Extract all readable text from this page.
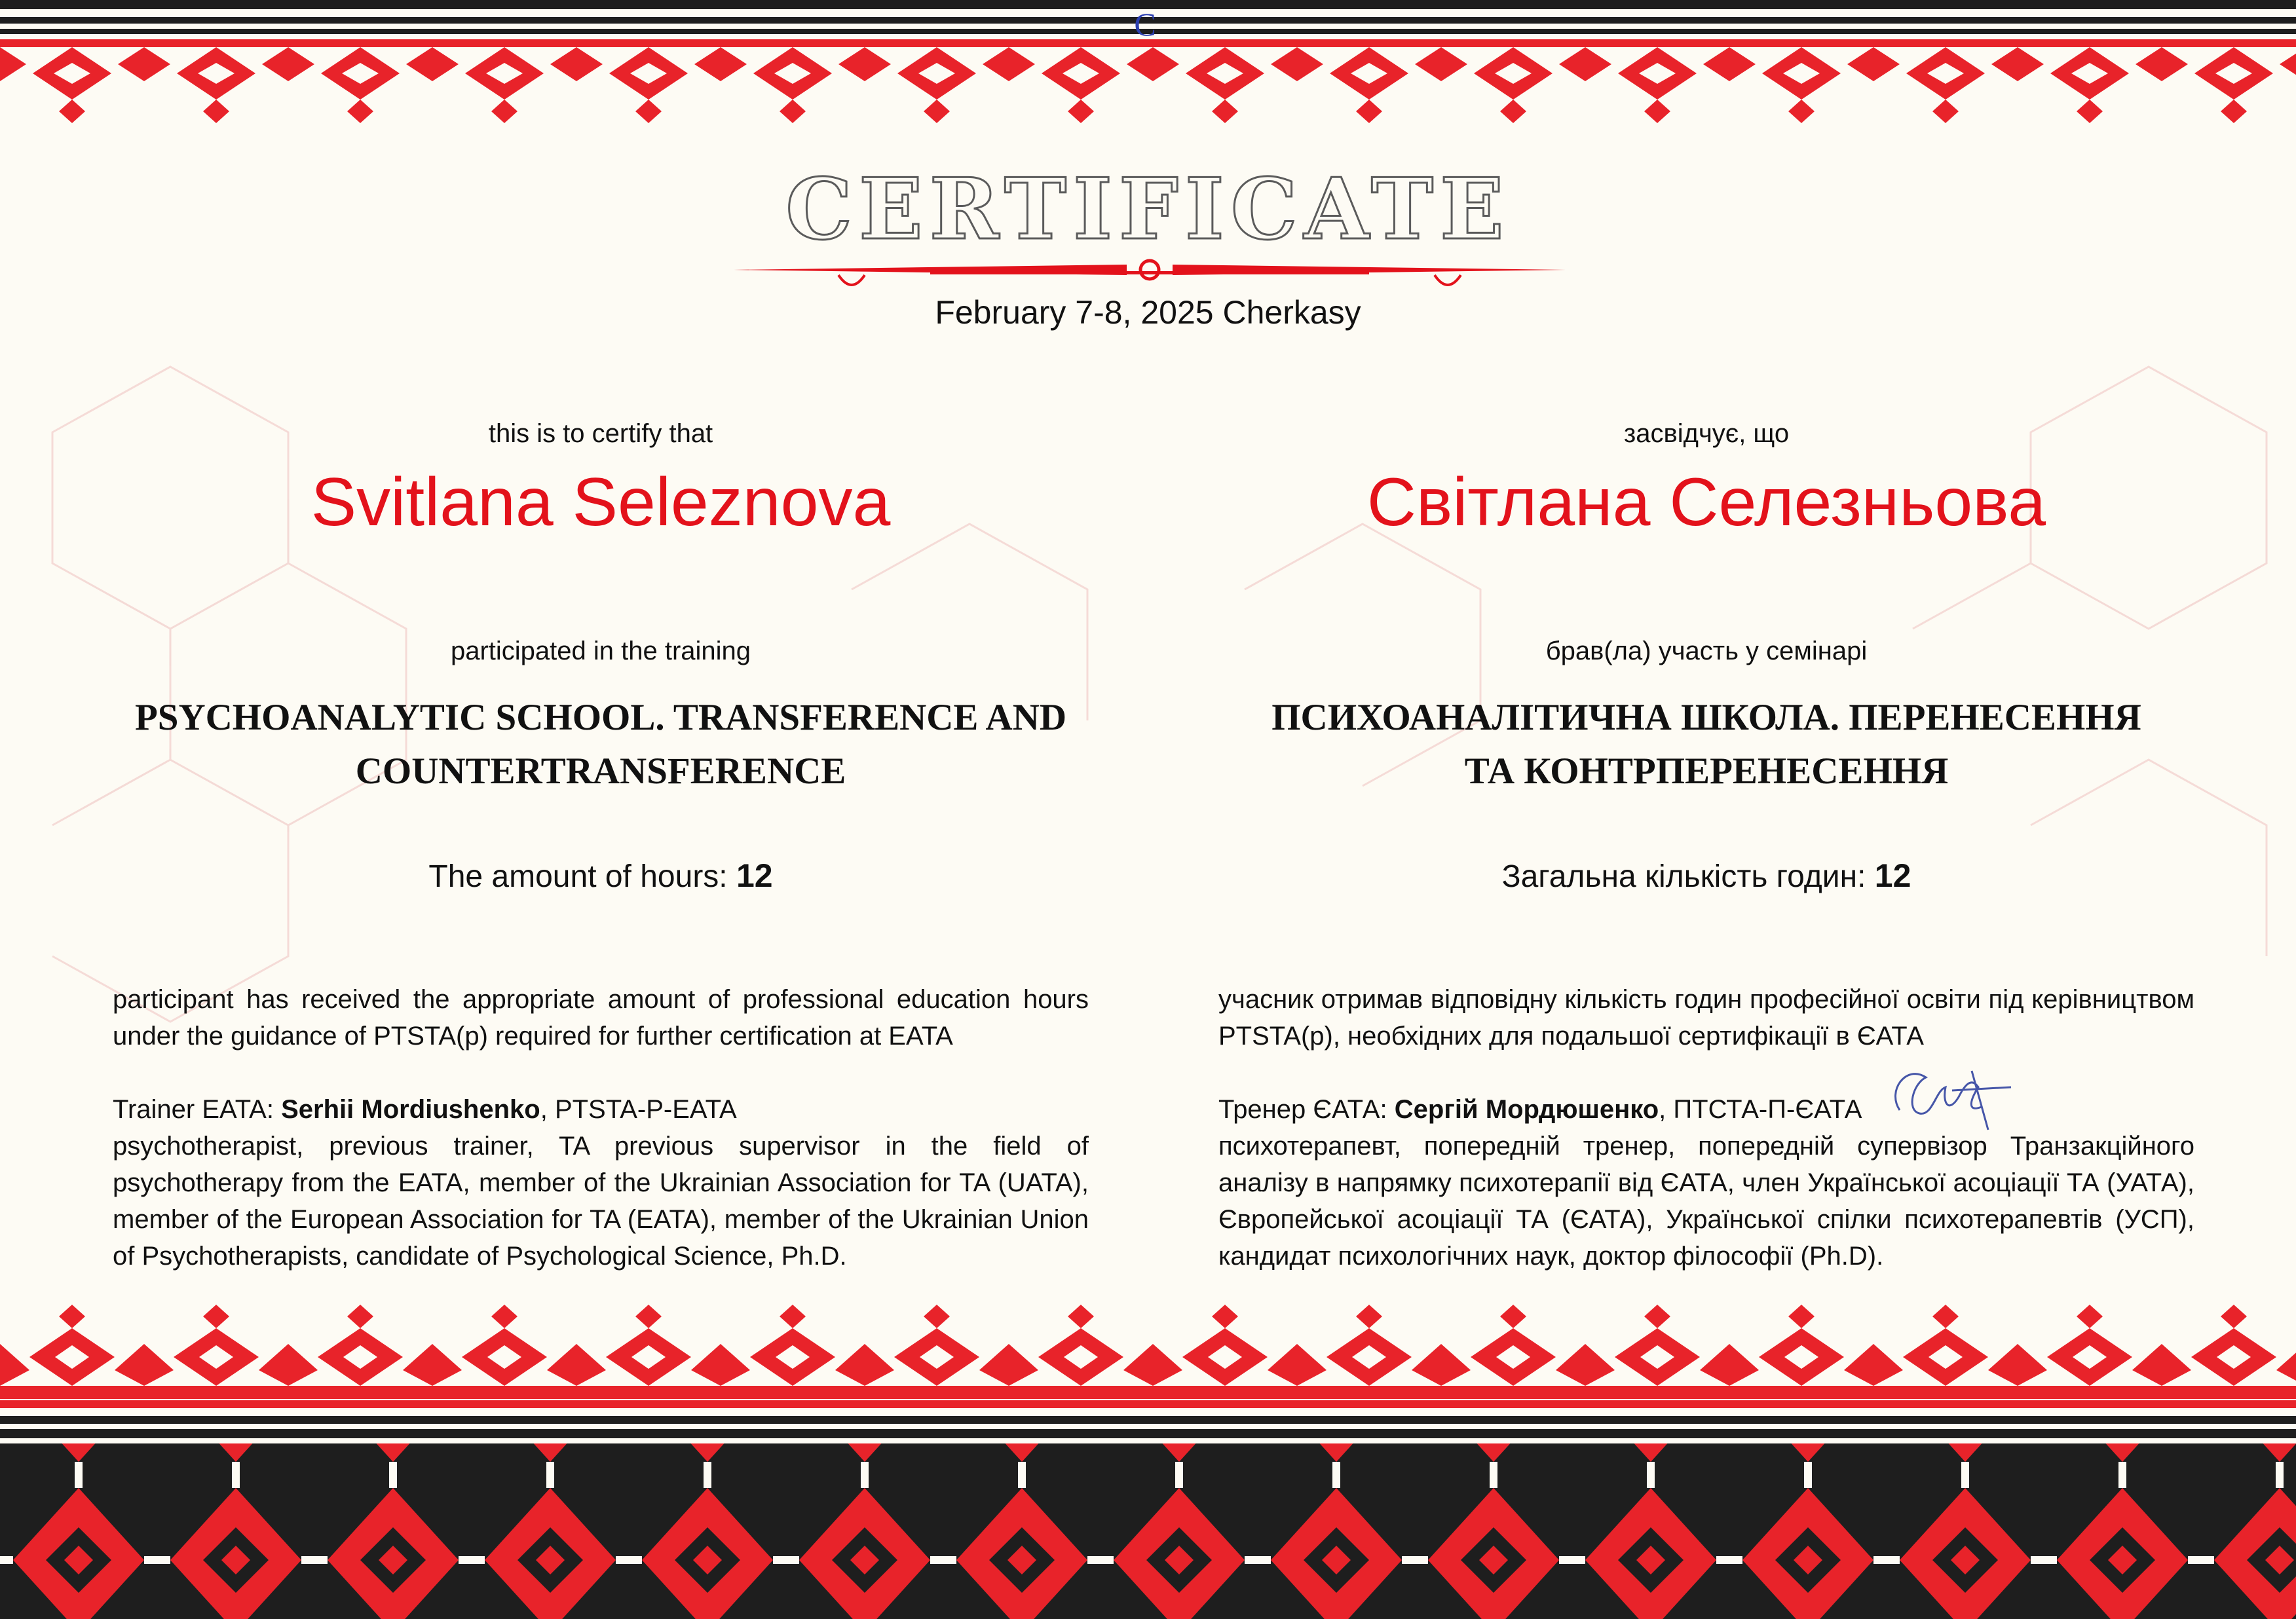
C
CERTIFICATE
February 7-8, 2025 Cherkasy
this is to certify that
Svitlana Seleznova
participated in the training
PSYCHOANALYTIC SCHOOL. TRANSFERENCE AND
COUNTERTRANSFERENCE
The amount of hours: 12
participant has received the appropriate amount of professional education hours under the guidance of PTSTA(p) required for further certification at EATA
Trainer EATA: Serhii Mordiushenko, PTSTA-P-EATA
psychotherapist, previous trainer, TA previous supervisor in the field of psychotherapy from the EATA, member of the Ukrainian Association for TA (UATA), member of the European Association for TA (EATA), member of the Ukrainian Union of Psychotherapists, candidate of Psychological Science, Ph.D.
засвідчує, що
Світлана Селезньова
брав(ла) участь у семінарі
ПСИХОАНАЛІТИЧНА ШКОЛА. ПЕРЕНЕСЕННЯ
ТА КОНТРПЕРЕНЕСЕННЯ
Загальна кількість годин: 12
учасник отримав відповідну кількість годин професійної освіти під керівництвом PTSTA(p), необхідних для подальшої сертифікації в ЄАТА
Тренер ЄАТА: Сергій Мордюшенко, ПТСТА-П-ЄАТА
психотерапевт, попередній тренер, попередній супервізор Транзакційного аналізу в напрямку психотерапії від ЄАТА, член Української асоціації ТА (УАТА), Європейської асоціації ТА (ЄАТА), Української спілки психотерапевтів (УСП), кандидат психологічних наук, доктор філософії (Ph.D).
